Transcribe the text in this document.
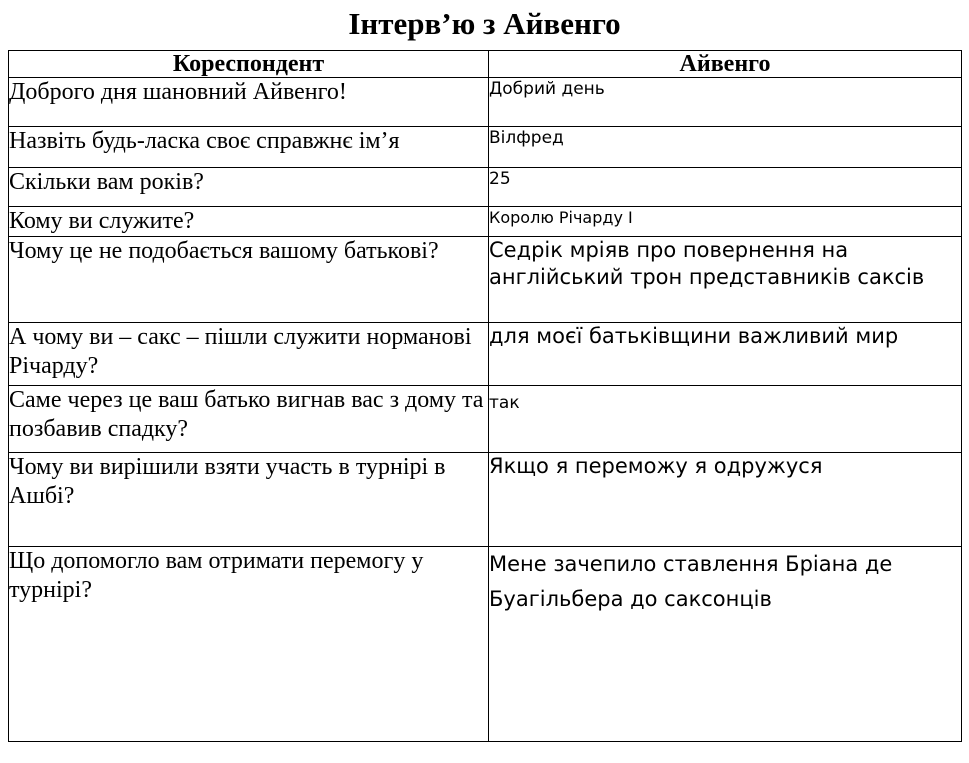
Інтерв’ю з Айвенго
Кореспондент	Айвенго
Доброго дня шановний Айвенго!	Добрий день
Назвіть будь-ласка своє справжнє ім’я	Вілфред
Скільки вам років?	25
Кому ви служите?	Королю Річарду І
Чому це не подобається вашому батькові?	Седрік мріяв про повернення на англійський трон представників саксів
А чому ви – сакс – пішли служити норманові Річарду?	для моєї батьківщини важливий мир
Саме через це ваш батько вигнав вас з дому та позбавив спадку?	так
Чому ви вирішили взяти участь в турнірі в Ашбі?	Якщо я переможу я одружуся
Що допомогло вам отримати перемогу у турнірі?	Мене зачепило ставлення Бріана де Буагільбера до саксонців
